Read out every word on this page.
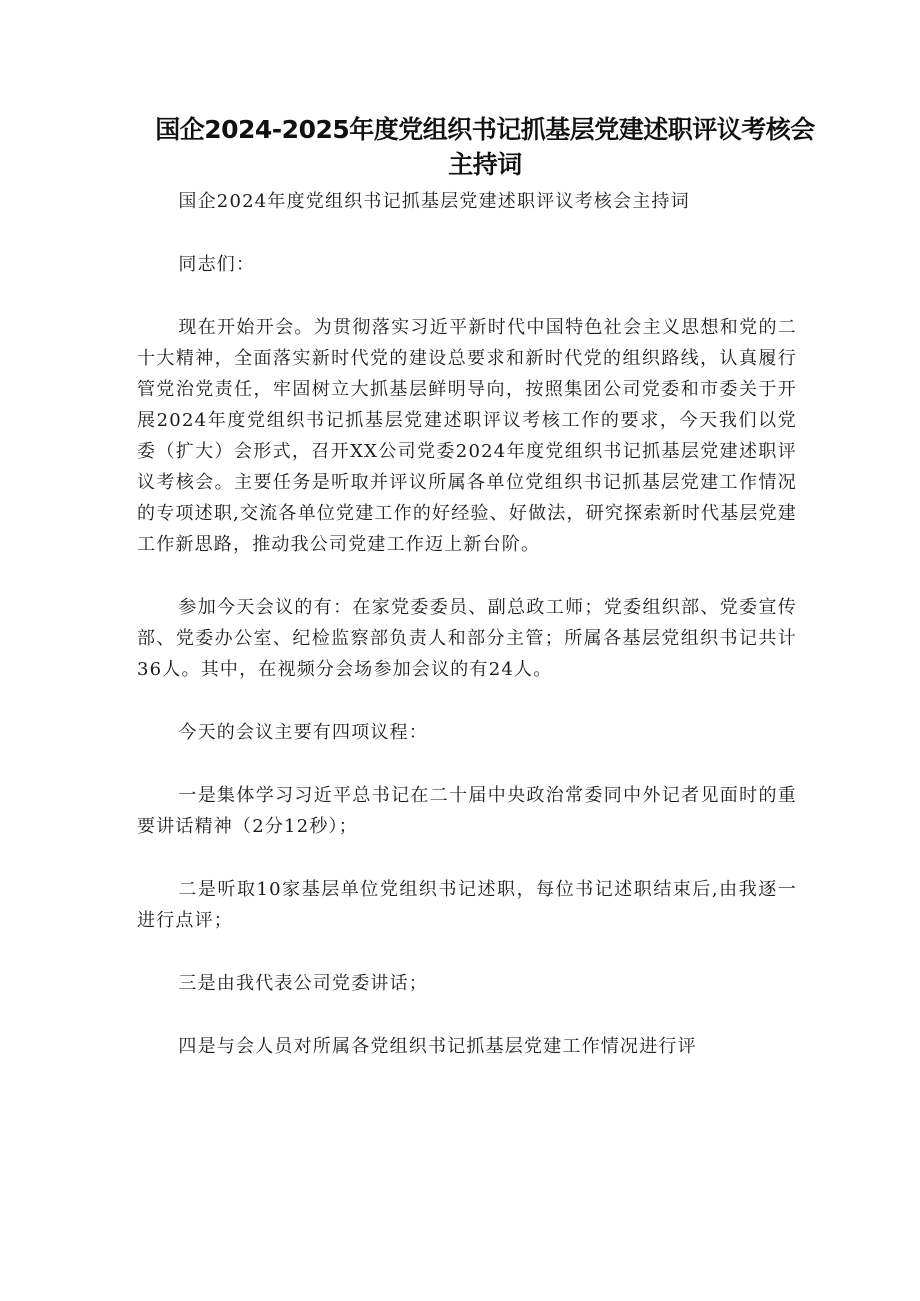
国企2024-2025年度党组织书记抓基层党建述职评议考核会主持词

国企2024年度党组织书记抓基层党建述职评议考核会主持词

同志们：

现在开始开会。为贯彻落实习近平新时代中国特色社会主义思想和党的二十大精神，全面落实新时代党的建设总要求和新时代党的组织路线，认真履行管党治党责任，牢固树立大抓基层鲜明导向，按照集团公司党委和市委关于开展2024年度党组织书记抓基层党建述职评议考核工作的要求，今天我们以党委（扩大）会形式，召开XX公司党委2024年度党组织书记抓基层党建述职评议考核会。主要任务是听取并评议所属各单位党组织书记抓基层党建工作情况的专项述职,交流各单位党建工作的好经验、好做法，研究探索新时代基层党建工作新思路，推动我公司党建工作迈上新台阶。

参加今天会议的有：在家党委委员、副总政工师；党委组织部、党委宣传部、党委办公室、纪检监察部负责人和部分主管；所属各基层党组织书记共计36人。其中，在视频分会场参加会议的有24人。

今天的会议主要有四项议程：

一是集体学习习近平总书记在二十届中央政治常委同中外记者见面时的重要讲话精神（2分12秒）；

二是听取10家基层单位党组织书记述职，每位书记述职结束后,由我逐一进行点评；

三是由我代表公司党委讲话；

四是与会人员对所属各党组织书记抓基层党建工作情况进行评
